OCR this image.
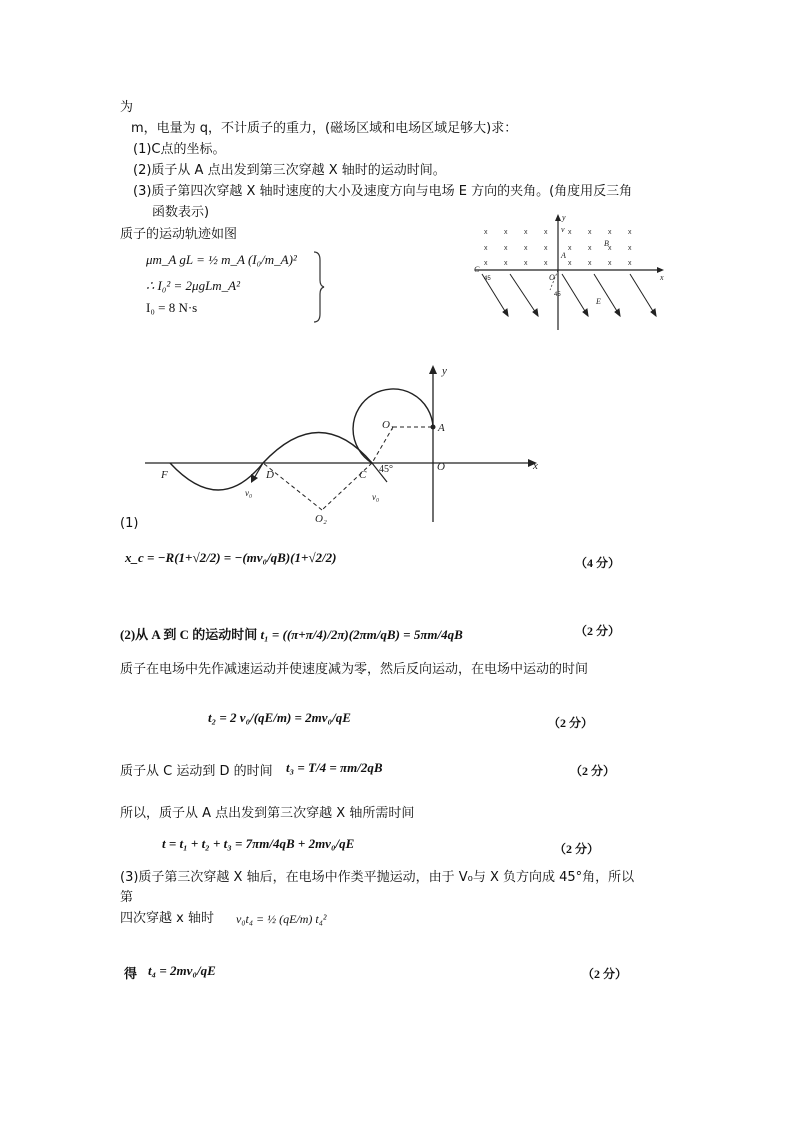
为
m，电量为 q，不计质子的重力，(磁场区域和电场区域足够大)求：
(1)C点的坐标。
(2)质子从 A 点出发到第三次穿越 X 轴时的运动时间。
(3)质子第四次穿越 X 轴时速度的大小及速度方向与电场 E 方向的夹角。(角度用反三角
函数表示)
质子的运动轨迹如图
μm_A gL = ½ m_A (I₀/m_A)²
∴ I₀² = 2μgLm_A²
I₀ = 8 N·s
x x x x	x x x x
x x x x	x x x x
x x x x	x x x x
y
x
O
A
B
C
E
v
45
45
y
x
O
A
O₁
O₂
C
D
F
v₀	v₀
45°
(1)
x_c = −R(1+√2/2) = −(mv₀/qB)(1+√2/2)	（4 分）
(2)从 A 到 C 的运动时间 t₁ = ((π+π/4)/2π)(2πm/qB) = 5πm/4qB	（2 分）
质子在电场中先作减速运动并使速度减为零，然后反向运动，在电场中运动的时间
t₂ = 2 v₀/(qE/m) = 2mv₀/qE	（2 分）
质子从 C 运动到 D 的时间 t₃ = T/4 = πm/2qB	（2 分）
所以，质子从 A 点出发到第三次穿越 X 轴所需时间
t = t₁ + t₂ + t₃ = 7πm/4qB + 2mv₀/qE	（2 分）
(3)质子第三次穿越 X 轴后，在电场中作类平抛运动，由于 V₀与 X 负方向成 45°角，所以
第
四次穿越 x 轴时 v₀t₄ = ½ (qE/m) t₄²
得 t₄ = 2mv₀/qE	（2 分）
